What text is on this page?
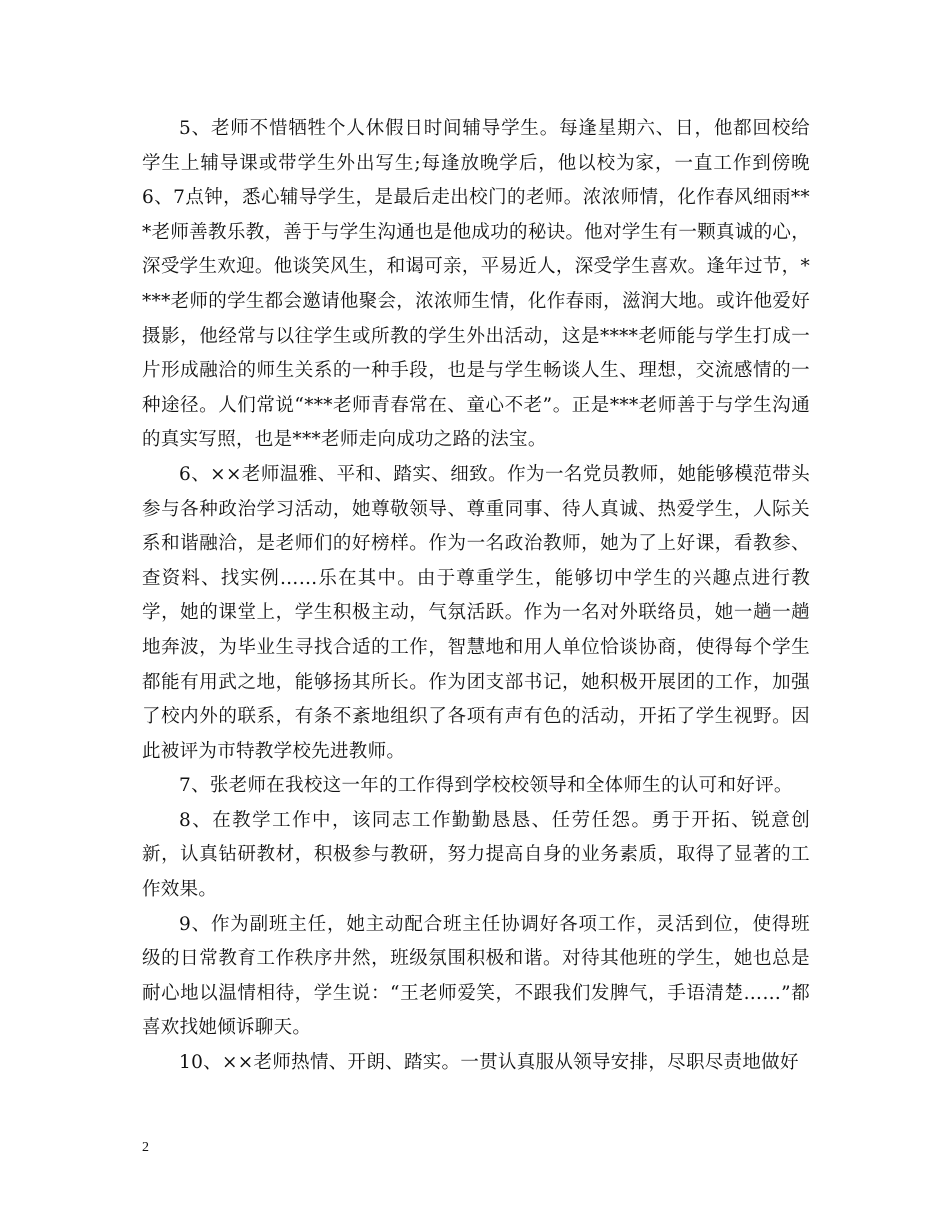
5、老师不惜牺牲个人休假日时间辅导学生。每逢星期六、日，他都回校给学生上辅导课或带学生外出写生;每逢放晚学后，他以校为家，一直工作到傍晚6、7点钟，悉心辅导学生，是最后走出校门的老师。浓浓师情，化作春风细雨***老师善教乐教，善于与学生沟通也是他成功的秘诀。他对学生有一颗真诚的心，深受学生欢迎。他谈笑风生，和谒可亲，平易近人，深受学生喜欢。逢年过节，****老师的学生都会邀请他聚会，浓浓师生情，化作春雨，滋润大地。或许他爱好摄影，他经常与以往学生或所教的学生外出活动，这是****老师能与学生打成一片形成融洽的师生关系的一种手段，也是与学生畅谈人生、理想，交流感情的一种途径。人们常说“***老师青春常在、童心不老”。正是***老师善于与学生沟通的真实写照，也是***老师走向成功之路的法宝。

6、××老师温雅、平和、踏实、细致。作为一名党员教师，她能够模范带头参与各种政治学习活动，她尊敬领导、尊重同事、待人真诚、热爱学生，人际关系和谐融洽，是老师们的好榜样。作为一名政治教师，她为了上好课，看教参、查资料、找实例……乐在其中。由于尊重学生，能够切中学生的兴趣点进行教学，她的课堂上，学生积极主动，气氛活跃。作为一名对外联络员，她一趟一趟地奔波，为毕业生寻找合适的工作，智慧地和用人单位恰谈协商，使得每个学生都能有用武之地，能够扬其所长。作为团支部书记，她积极开展团的工作，加强了校内外的联系，有条不紊地组织了各项有声有色的活动，开拓了学生视野。因此被评为市特教学校先进教师。

7、张老师在我校这一年的工作得到学校校领导和全体师生的认可和好评。

8、在教学工作中，该同志工作勤勤恳恳、任劳任怨。勇于开拓、锐意创新，认真钻研教材，积极参与教研，努力提高自身的业务素质，取得了显著的工作效果。

9、作为副班主任，她主动配合班主任协调好各项工作，灵活到位，使得班级的日常教育工作秩序井然，班级氛围积极和谐。对待其他班的学生，她也总是耐心地以温情相待，学生说：“王老师爱笑，不跟我们发脾气，手语清楚……”都喜欢找她倾诉聊天。

10、××老师热情、开朗、踏实。一贯认真服从领导安排，尽职尽责地做好

2
